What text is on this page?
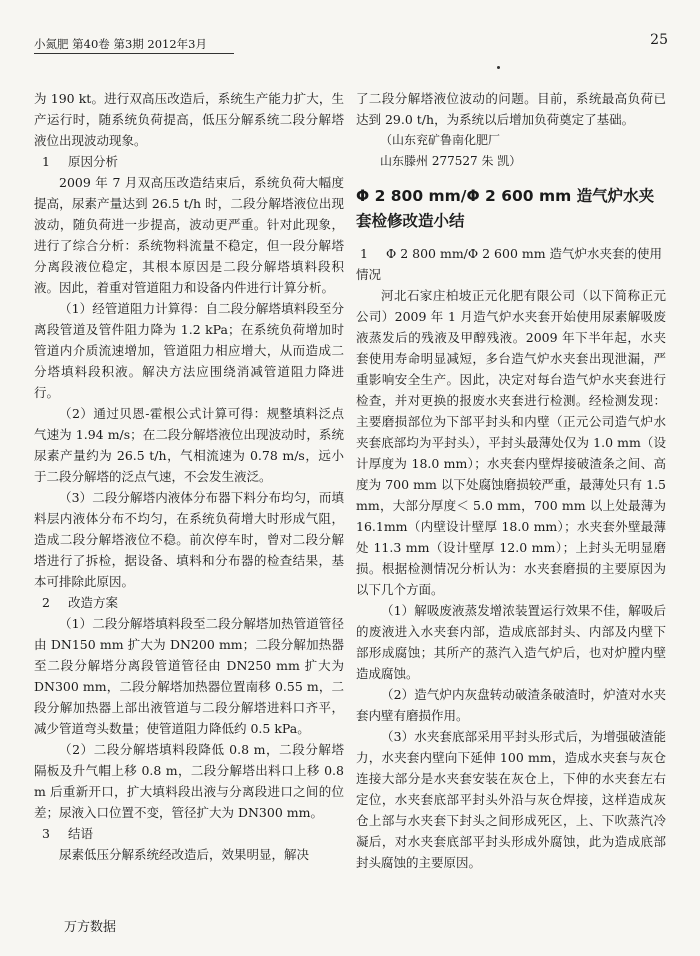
小氮肥 第40卷 第3期 2012年3月	25

为 190 kt。进行双高压改造后，系统生产能力扩大，生产运行时，随系统负荷提高，低压分解系统二段分解塔液位出现波动现象。

1 原因分析

2009 年 7 月双高压改造结束后，系统负荷大幅度提高，尿素产量达到 26.5 t/h 时，二段分解塔液位出现波动，随负荷进一步提高，波动更严重。针对此现象，进行了综合分析：系统物料流量不稳定，但一段分解塔分离段液位稳定，其根本原因是二段分解塔填料段积液。因此，着重对管道阻力和设备内件进行计算分析。

（1）经管道阻力计算得：自二段分解塔填料段至分离段管道及管件阻力降为 1.2 kPa；在系统负荷增加时管道内介质流速增加，管道阻力相应增大，从而造成二分塔填料段积液。解决方法应围绕消减管道阻力降进行。

（2）通过贝恩-霍根公式计算可得：规整填料泛点气速为 1.94 m/s；在二段分解塔液位出现波动时，系统尿素产量约为 26.5 t/h，气相流速为 0.78 m/s，远小于二段分解塔的泛点气速，不会发生液泛。

（3）二段分解塔内液体分布器下料分布均匀，而填料层内液体分布不均匀，在系统负荷增大时形成气阻，造成二段分解塔液位不稳。前次停车时，曾对二段分解塔进行了拆检，据设备、填料和分布器的检查结果，基本可排除此原因。

2 改造方案

（1）二段分解塔填料段至二段分解塔加热管道管径由 DN150 mm 扩大为 DN200 mm；二段分解加热器至二段分解塔分离段管道管径由 DN250 mm 扩大为 DN300 mm，二段分解塔加热器位置南移 0.55 m，二段分解加热器上部出液管道与二段分解塔进料口齐平，减少管道弯头数量；使管道阻力降低约 0.5 kPa。

（2）二段分解塔填料段降低 0.8 m，二段分解塔隔板及升气帽上移 0.8 m，二段分解塔出料口上移 0.8 m 后重新开口，扩大填料段出液与分离段进口之间的位差；尿液入口位置不变，管径扩大为 DN300 mm。

3 结语

尿素低压分解系统经改造后，效果明显，解决

了二段分解塔液位波动的问题。目前，系统最高负荷已达到 29.0 t/h，为系统以后增加负荷奠定了基础。

（山东兖矿鲁南化肥厂

山东滕州 277527 朱 凯）

Φ 2 800 mm/Φ 2 600 mm 造气炉水夹套检修改造小结
1 Φ 2 800 mm/Φ 2 600 mm 造气炉水夹套的使用情况

河北石家庄柏坡正元化肥有限公司（以下简称正元公司）2009 年 1 月造气炉水夹套开始使用尿素解吸废液蒸发后的残液及甲醇残液。2009 年下半年起，水夹套使用寿命明显减短，多台造气炉水夹套出现泄漏，严重影响安全生产。因此，决定对每台造气炉水夹套进行检查，并对更换的报废水夹套进行检测。经检测发现：主要磨损部位为下部平封头和内壁（正元公司造气炉水夹套底部均为平封头），平封头最薄处仅为 1.0 mm（设计厚度为 18.0 mm）；水夹套内壁焊接破渣条之间、高度为 700 mm 以下处腐蚀磨损较严重，最薄处只有 1.5 mm，大部分厚度＜ 5.0 mm，700 mm 以上处最薄为 16.1mm（内壁设计壁厚 18.0 mm）；水夹套外壁最薄处 11.3 mm（设计壁厚 12.0 mm）；上封头无明显磨损。根据检测情况分析认为：水夹套磨损的主要原因为以下几个方面。

（1）解吸废液蒸发增浓装置运行效果不佳，解吸后的废液进入水夹套内部，造成底部封头、内部及内壁下部形成腐蚀；其所产的蒸汽入造气炉后，也对炉膛内壁造成腐蚀。

（2）造气炉内灰盘转动破渣条破渣时，炉渣对水夹套内壁有磨损作用。

（3）水夹套底部采用平封头形式后，为增强破渣能力，水夹套内壁向下延伸 100 mm，造成水夹套与灰仓连接大部分是水夹套安装在灰仓上，下伸的水夹套左右定位，水夹套底部平封头外沿与灰仓焊接，这样造成灰仓上部与水夹套下封头之间形成死区，上、下吹蒸汽冷凝后，对水夹套底部平封头形成外腐蚀，此为造成底部封头腐蚀的主要原因。

万方数据
